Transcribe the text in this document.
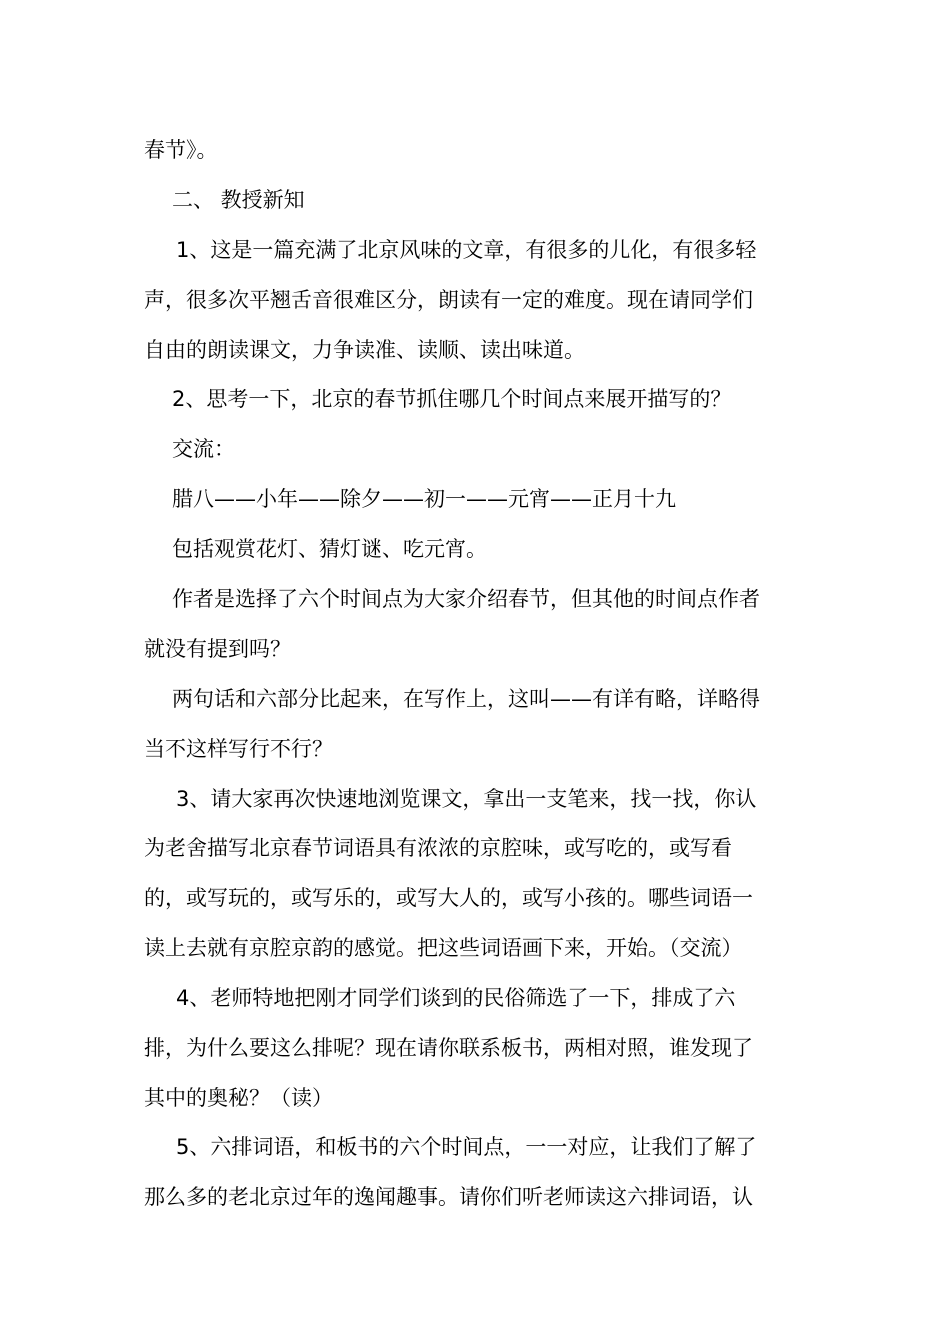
春节》。
二、 教授新知
1、这是一篇充满了北京风味的文章，有很多的儿化，有很多轻
声，很多次平翘舌音很难区分，朗读有一定的难度。现在请同学们
自由的朗读课文，力争读准、读顺、读出味道。
2、思考一下，北京的春节抓住哪几个时间点来展开描写的？
交流：
腊八——小年——除夕——初一——元宵——正月十九
包括观赏花灯、猜灯谜、吃元宵。
作者是选择了六个时间点为大家介绍春节，但其他的时间点作者
就没有提到吗？
两句话和六部分比起来，在写作上，这叫——有详有略，详略得
当不这样写行不行？
3、请大家再次快速地浏览课文，拿出一支笔来，找一找，你认
为老舍描写北京春节词语具有浓浓的京腔味，或写吃的，或写看
的，或写玩的，或写乐的，或写大人的，或写小孩的。哪些词语一
读上去就有京腔京韵的感觉。把这些词语画下来，开始。（交流）
4、老师特地把刚才同学们谈到的民俗筛选了一下，排成了六
排，为什么要这么排呢？现在请你联系板书，两相对照，谁发现了
其中的奥秘？（读）
5、六排词语，和板书的六个时间点，一一对应，让我们了解了
那么多的老北京过年的逸闻趣事。请你们听老师读这六排词语，认
